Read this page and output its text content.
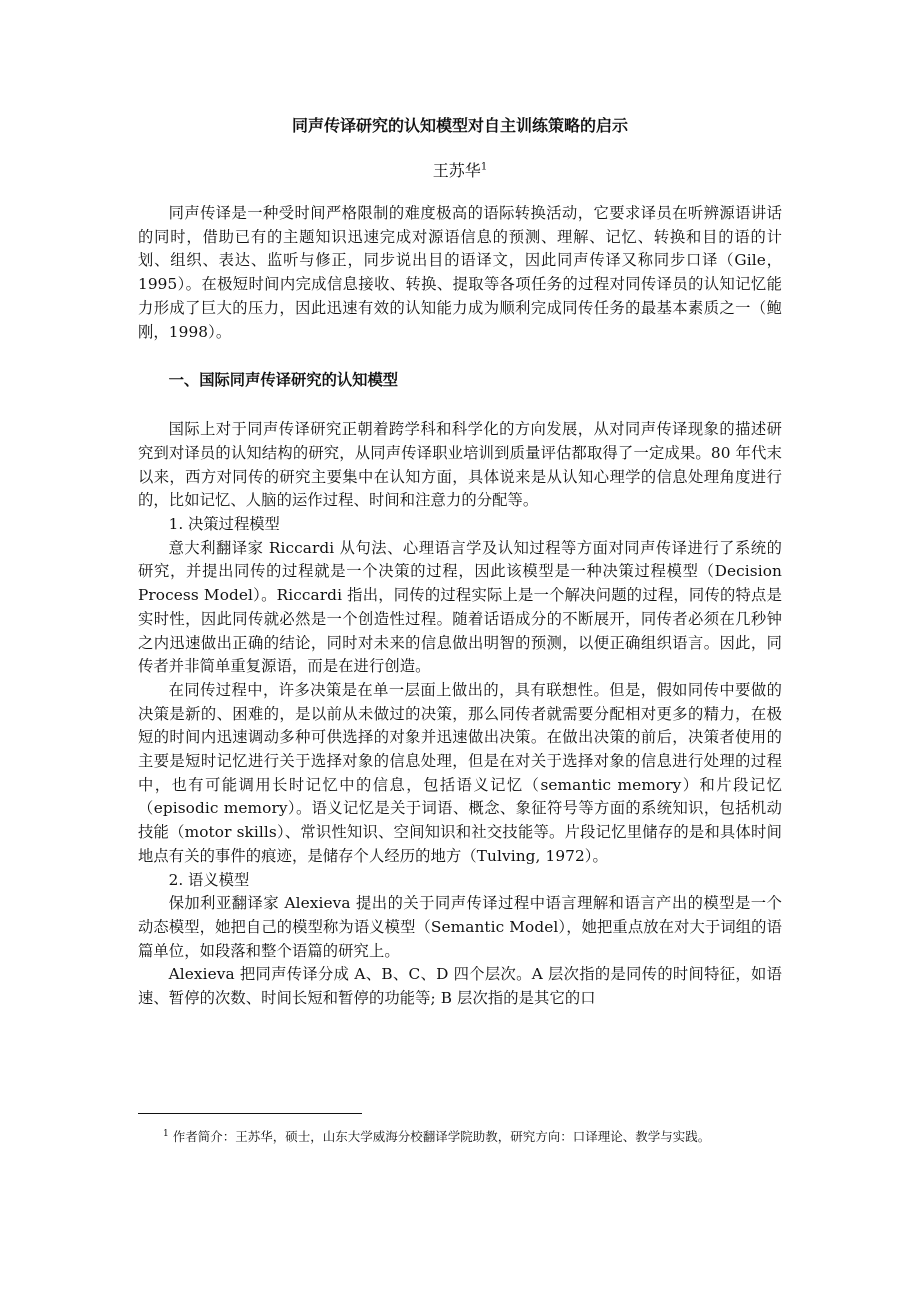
同声传译研究的认知模型对自主训练策略的启示
王苏华$^1$

同声传译是一种受时间严格限制的难度极高的语际转换活动，它要求译员在听辨源语讲话的同时，借助已有的主题知识迅速完成对源语信息的预测、理解、记忆、转换和目的语的计划、组织、表达、监听与修正，同步说出目的语译文，因此同声传译又称同步口译（Gile，1995）。在极短时间内完成信息接收、转换、提取等各项任务的过程对同传译员的认知记忆能力形成了巨大的压力，因此迅速有效的认知能力成为顺利完成同传任务的最基本素质之一（鲍刚，1998）。

一、国际同声传译研究的认知模型

国际上对于同声传译研究正朝着跨学科和科学化的方向发展，从对同声传译现象的描述研究到对译员的认知结构的研究，从同声传译职业培训到质量评估都取得了一定成果。80 年代末以来，西方对同传的研究主要集中在认知方面，具体说来是从认知心理学的信息处理角度进行的，比如记忆、人脑的运作过程、时间和注意力的分配等。

1. 决策过程模型

意大利翻译家 Riccardi 从句法、心理语言学及认知过程等方面对同声传译进行了系统的研究，并提出同传的过程就是一个决策的过程，因此该模型是一种决策过程模型（Decision Process Model）。Riccardi 指出，同传的过程实际上是一个解决问题的过程，同传的特点是实时性，因此同传就必然是一个创造性过程。随着话语成分的不断展开，同传者必须在几秒钟之内迅速做出正确的结论，同时对未来的信息做出明智的预测，以便正确组织语言。因此，同传者并非简单重复源语，而是在进行创造。

在同传过程中，许多决策是在单一层面上做出的，具有联想性。但是，假如同传中要做的决策是新的、困难的，是以前从未做过的决策，那么同传者就需要分配相对更多的精力，在极短的时间内迅速调动多种可供选择的对象并迅速做出决策。在做出决策的前后，决策者使用的主要是短时记忆进行关于选择对象的信息处理，但是在对关于选择对象的信息进行处理的过程中，也有可能调用长时记忆中的信息，包括语义记忆（semantic memory）和片段记忆（episodic memory）。语义记忆是关于词语、概念、象征符号等方面的系统知识，包括机动技能（motor skills）、常识性知识、空间知识和社交技能等。片段记忆里储存的是和具体时间地点有关的事件的痕迹，是储存个人经历的地方（Tulving, 1972）。

2. 语义模型

保加利亚翻译家 Alexieva 提出的关于同声传译过程中语言理解和语言产出的模型是一个动态模型，她把自己的模型称为语义模型（Semantic Model），她把重点放在对大于词组的语篇单位，如段落和整个语篇的研究上。

Alexieva 把同声传译分成 A、B、C、D 四个层次。A 层次指的是同传的时间特征，如语速、暂停的次数、时间长短和暂停的功能等; B 层次指的是其它的口

$^1$ 作者简介：王苏华，硕士，山东大学威海分校翻译学院助教，研究方向：口译理论、教学与实践。
